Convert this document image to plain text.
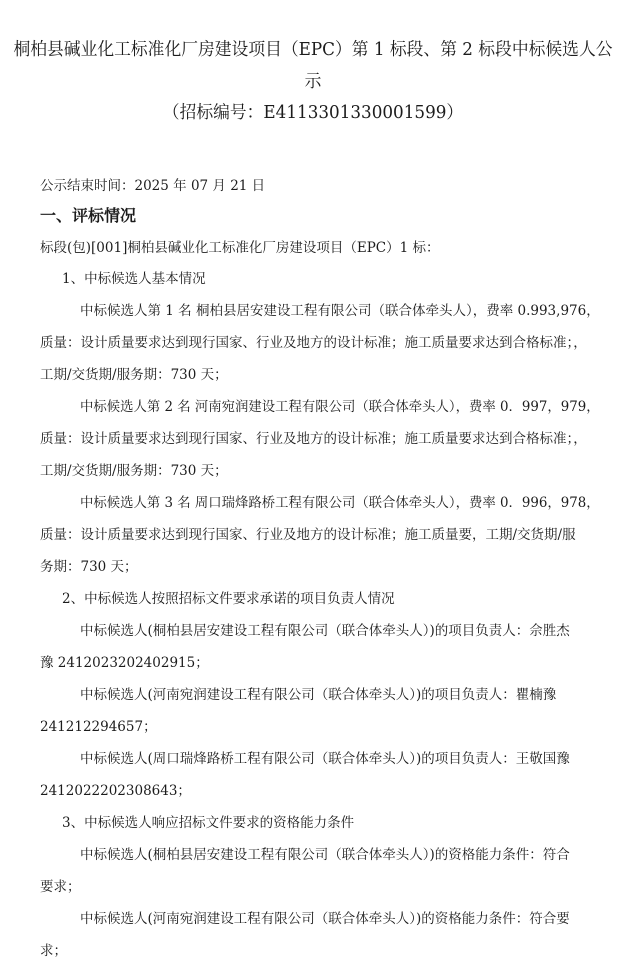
桐柏县碱业化工标准化厂房建设项目（EPC）第 1 标段、第 2 标段中标候选人公
示
（招标编号：E4113301330001599）
公示结束时间：2025 年 07 月 21 日
一、评标情况
标段(包)[001]桐柏县碱业化工标准化厂房建设项目（EPC）1 标：
1、中标候选人基本情况
中标候选人第 1 名 桐柏县居安建设工程有限公司（联合体牵头人），费率 0.993,976，
质量：设计质量要求达到现行国家、行业及地方的设计标准；施工质量要求达到合格标准；，
工期/交货期/服务期：730 天；
中标候选人第 2 名 河南宛润建设工程有限公司（联合体牵头人），费率 0．997，979，
质量：设计质量要求达到现行国家、行业及地方的设计标准；施工质量要求达到合格标准；，
工期/交货期/服务期：730 天；
中标候选人第 3 名 周口瑞烽路桥工程有限公司（联合体牵头人），费率 0．996，978，
质量：设计质量要求达到现行国家、行业及地方的设计标准；施工质量要，工期/交货期/服
务期：730 天；
2、中标候选人按照招标文件要求承诺的项目负责人情况
中标候选人(桐柏县居安建设工程有限公司（联合体牵头人）)的项目负责人：佘胜杰
豫 2412023202402915；
中标候选人(河南宛润建设工程有限公司（联合体牵头人）)的项目负责人：瞿楠豫
241212294657；
中标候选人(周口瑞烽路桥工程有限公司（联合体牵头人）)的项目负责人：王敬国豫
2412022202308643；
3、中标候选人响应招标文件要求的资格能力条件
中标候选人(桐柏县居安建设工程有限公司（联合体牵头人）)的资格能力条件：符合
要求；
中标候选人(河南宛润建设工程有限公司（联合体牵头人）)的资格能力条件：符合要
求；
